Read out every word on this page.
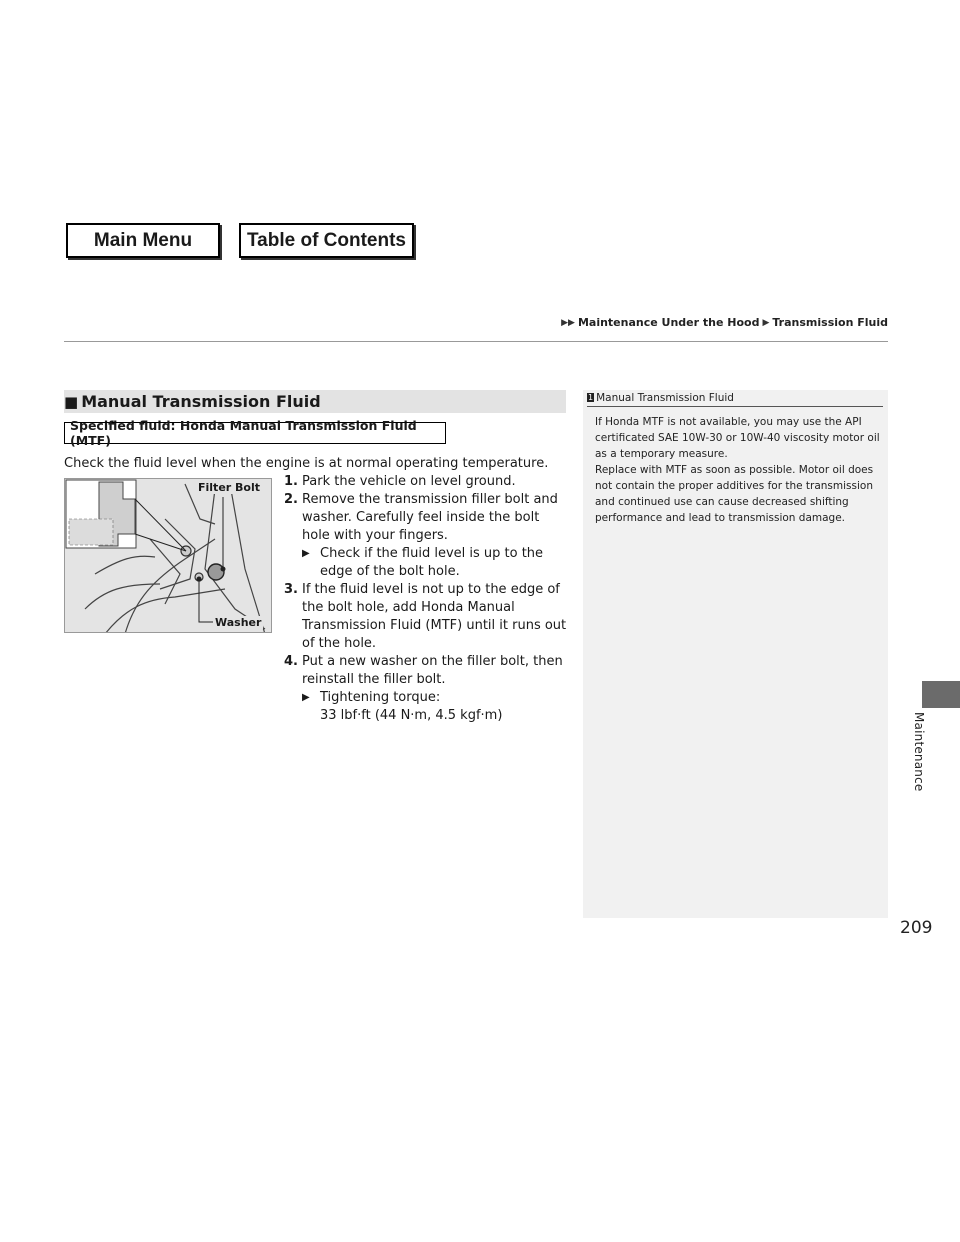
Main Menu	Table of Contents
▶▶ Maintenance Under the Hood ▶ Transmission Fluid
■ Manual Transmission Fluid
Specified fluid: Honda Manual Transmission Fluid (MTF)
Check the fluid level when the engine is at normal operating temperature.
Filter Bolt
Washer
1. Park the vehicle on level ground.
2. Remove the transmission filler bolt and washer. Carefully feel inside the bolt hole with your fingers.
▶ Check if the fluid level is up to the edge of the bolt hole.
3. If the fluid level is not up to the edge of the bolt hole, add Honda Manual Transmission Fluid (MTF) until it runs out of the hole.
4. Put a new washer on the filler bolt, then reinstall the filler bolt.
▶ Tightening torque:
33 lbf·ft (44 N·m, 4.5 kgf·m)
1 Manual Transmission Fluid

If Honda MTF is not available, you may use the API certificated SAE 10W-30 or 10W-40 viscosity motor oil as a temporary measure.

Replace with MTF as soon as possible. Motor oil does not contain the proper additives for the transmission and continued use can cause decreased shifting performance and lead to transmission damage.

Maintenance
209
